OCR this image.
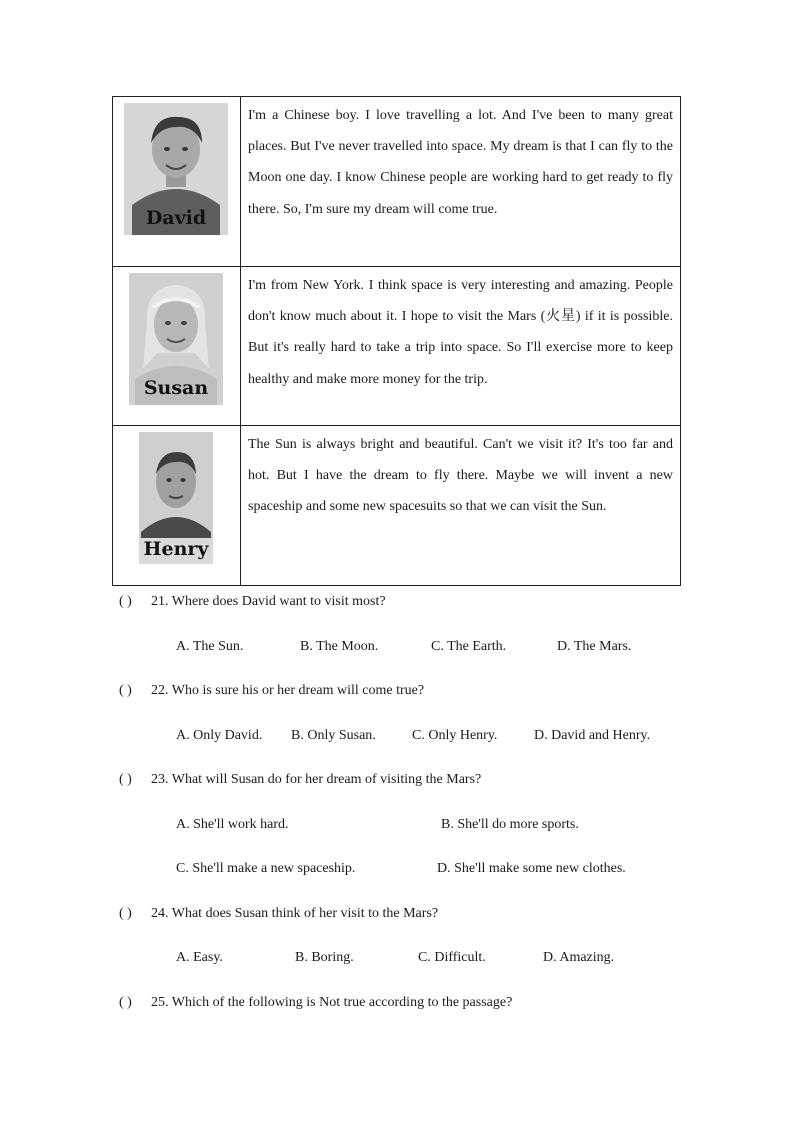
David
I'm a Chinese boy. I love travelling a lot. And I've been to many great places. But I've never travelled into space. My dream is that I can fly to the Moon one day. I know Chinese people are working hard to get ready to fly there. So, I'm sure my dream will come true.
Susan
I'm from New York. I think space is very interesting and amazing. People don't know much about it. I hope to visit the Mars (火星) if it is possible. But it's really hard to take a trip into space. So I'll exercise more to keep healthy and make more money for the trip.
Henry
The Sun is always bright and beautiful. Can't we visit it? It's too far and hot. But I have the dream to fly there. Maybe we will invent a new spaceship and some new spacesuits so that we can visit the Sun.
( ) 21. Where does David want to visit most?
A. The Sun.	B. The Moon.	C. The Earth.	D. The Mars.
( ) 22. Who is sure his or her dream will come true?
A. Only David. B. Only Susan.	C. Only Henry.	D. David and Henry.
( ) 23. What will Susan do for her dream of visiting the Mars?
A. She'll work hard.	B. She'll do more sports.
C. She'll make a new spaceship.	D. She'll make some new clothes.
( ) 24. What does Susan think of her visit to the Mars?
A. Easy.	B. Boring.	C. Difficult.	D. Amazing.
( ) 25. Which of the following is Not true according to the passage?
